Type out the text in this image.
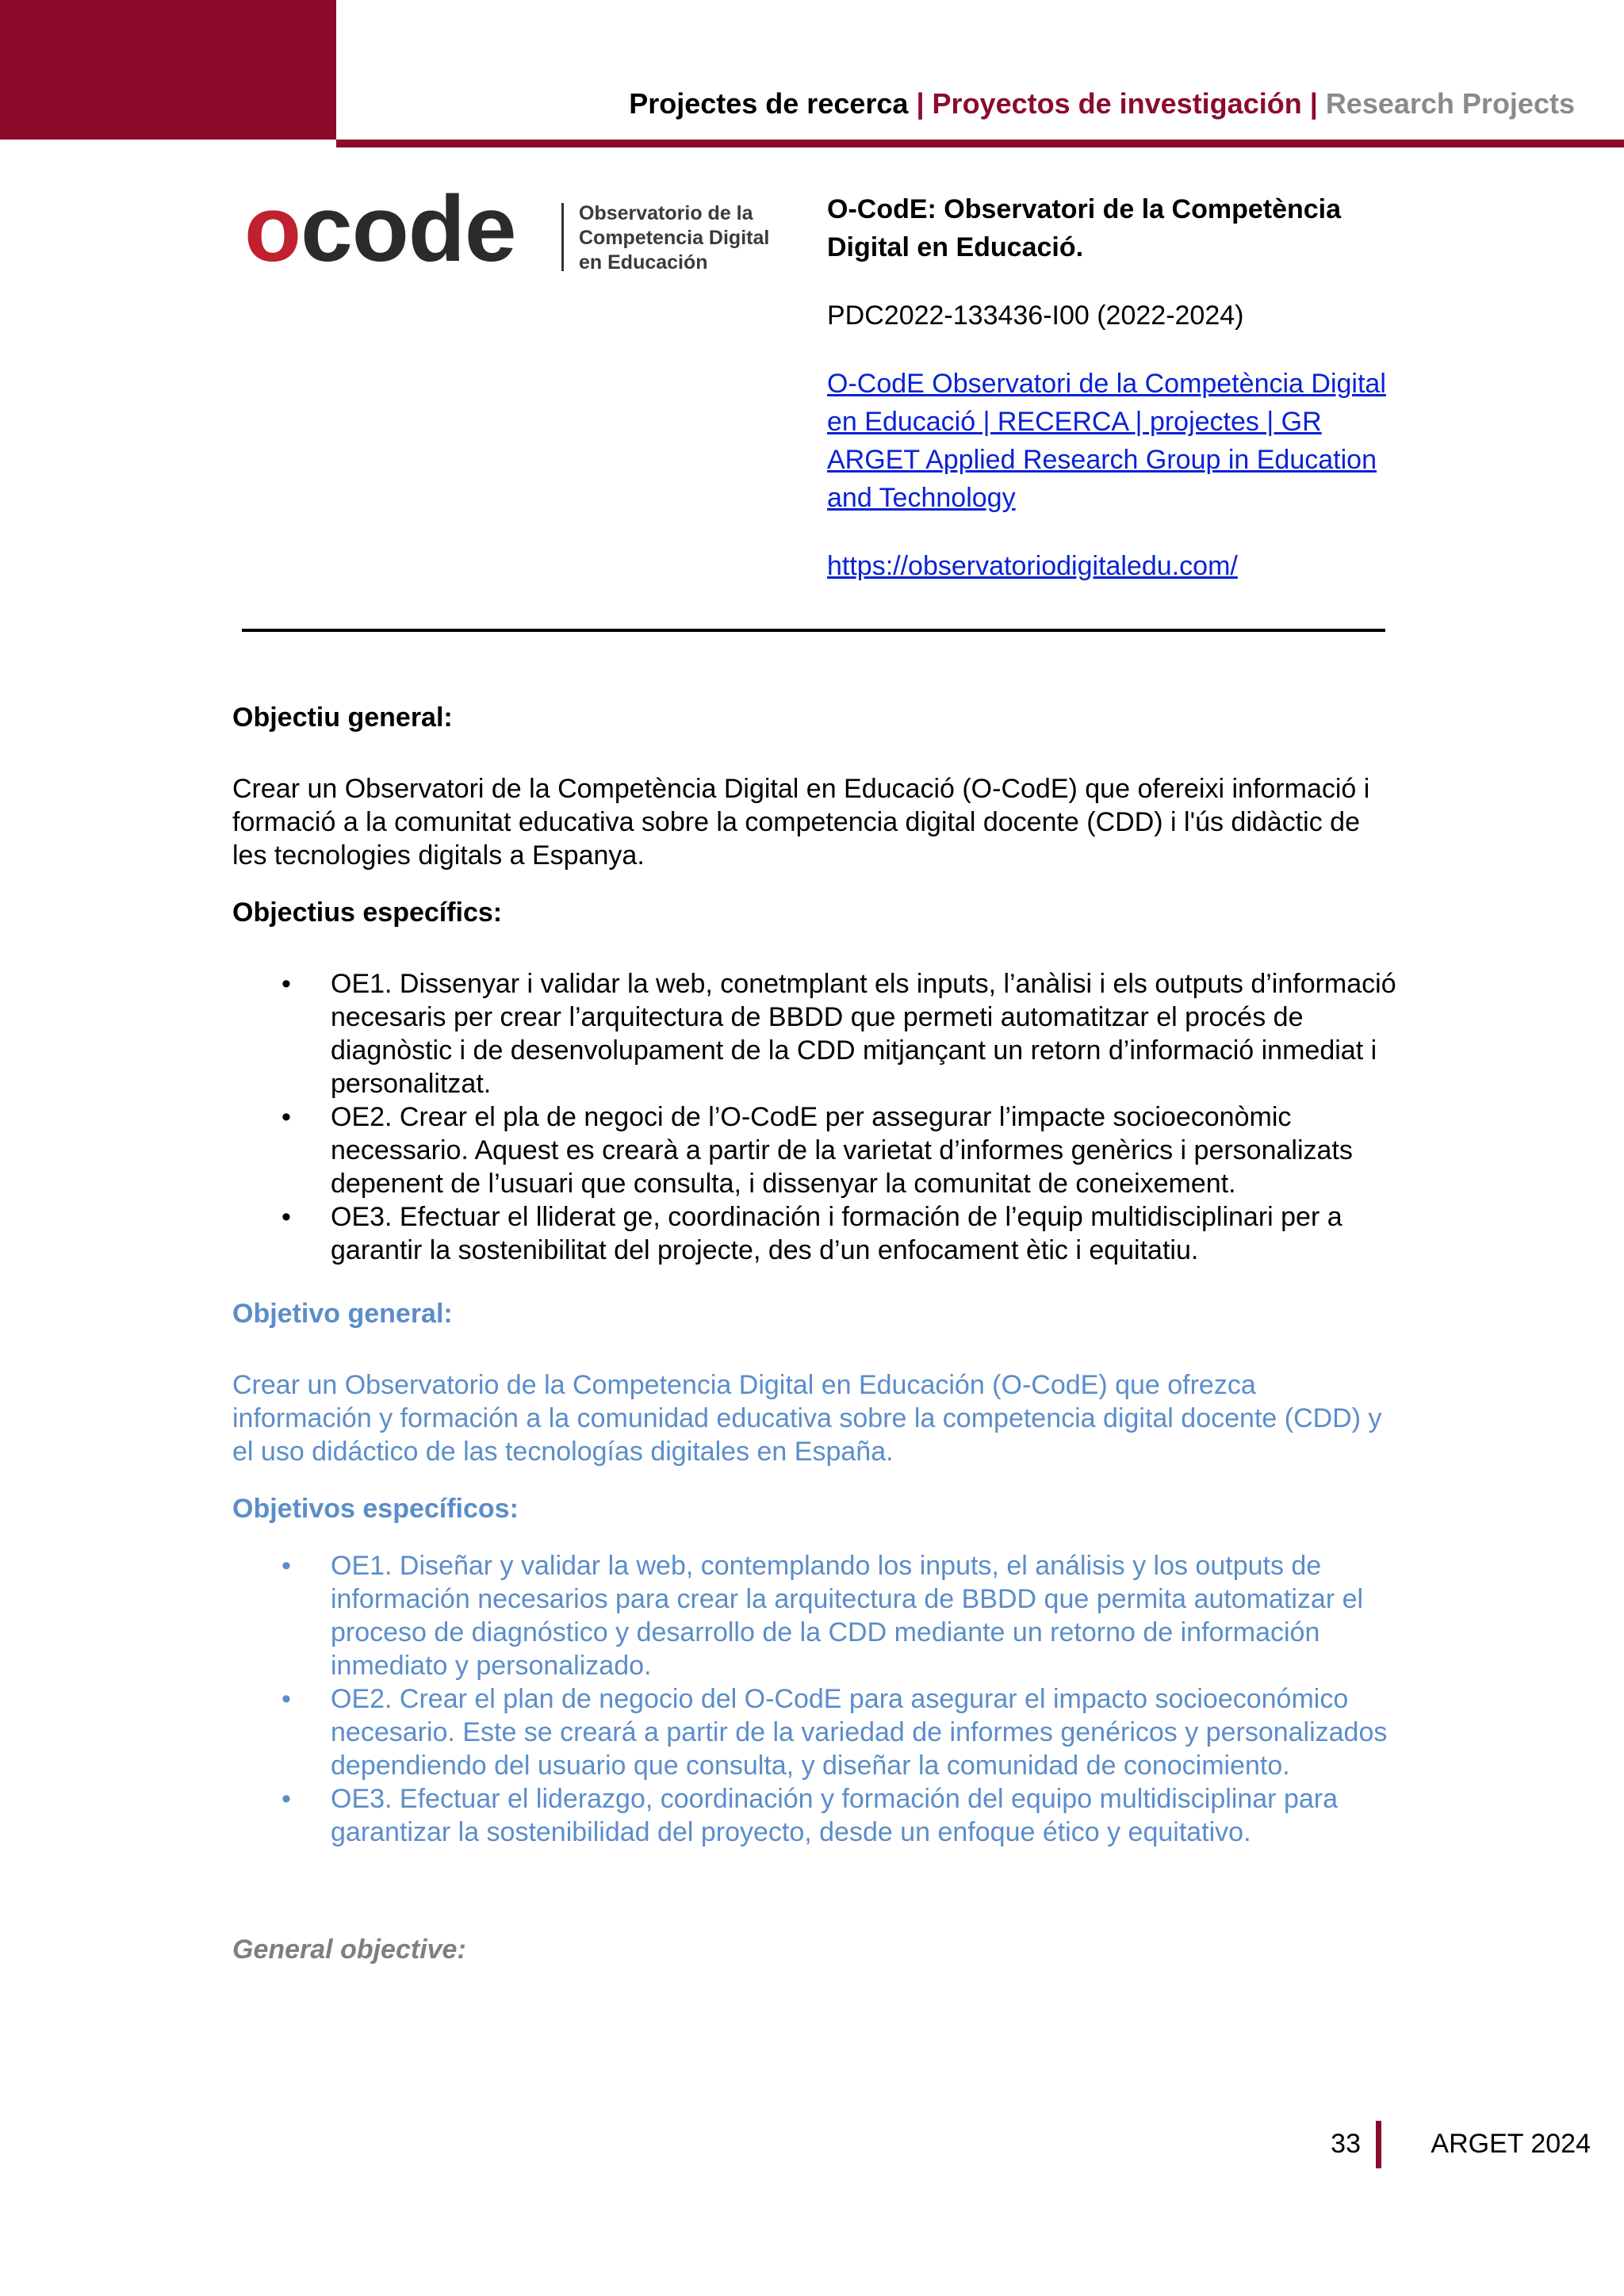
Projectes de recerca | Proyectos de investigación | Research Projects
ocode	Observatorio de la
Competencia Digital
en Educación

O-CodE: Observatori de la Competència Digital en Educació.

PDC2022-133436-I00 (2022-2024)

O-CodE Observatori de la Competència Digital en Educació | RECERCA | projectes | GR ARGET Applied Research Group in Education and Technology

https://observatoriodigitaledu.com/

Objectiu general:

Crear un Observatori de la Competència Digital en Educació (O-CodE) que ofereixi informació i formació a la comunitat educativa sobre la competencia digital docente (CDD) i l'ús didàctic de les tecnologies digitals a Espanya.

Objectius específics:
• OE1. Dissenyar i validar la web, conetmplant els inputs, l’anàlisi i els outputs d’informació necesaris per crear l’arquitectura de BBDD que permeti automatitzar el procés de diagnòstic i de desenvolupament de la CDD mitjançant un retorn d’informació inmediat i personalitzat.
• OE2. Crear el pla de negoci de l’O-CodE per assegurar l’impacte socioeconòmic necessario. Aquest es crearà a partir de la varietat d’informes genèrics i personalizats depenent de l’usuari que consulta, i dissenyar la comunitat de coneixement.
• OE3. Efectuar el lliderat ge, coordinación i formación de l’equip multidisciplinari per a garantir la sostenibilitat del projecte, des d’un enfocament ètic i equitatiu.
Objetivo general:

Crear un Observatorio de la Competencia Digital en Educación (O-CodE) que ofrezca información y formación a la comunidad educativa sobre la competencia digital docente (CDD) y el uso didáctico de las tecnologías digitales en España.

Objetivos específicos:
• OE1. Diseñar y validar la web, contemplando los inputs, el análisis y los outputs de información necesarios para crear la arquitectura de BBDD que permita automatizar el proceso de diagnóstico y desarrollo de la CDD mediante un retorno de información inmediato y personalizado.
• OE2. Crear el plan de negocio del O-CodE para asegurar el impacto socioeconómico necesario. Este se creará a partir de la variedad de informes genéricos y personalizados dependiendo del usuario que consulta, y diseñar la comunidad de conocimiento.
• OE3. Efectuar el liderazgo, coordinación y formación del equipo multidisciplinar para garantizar la sostenibilidad del proyecto, desde un enfoque ético y equitativo.
General objective:
33	ARGET 2024
